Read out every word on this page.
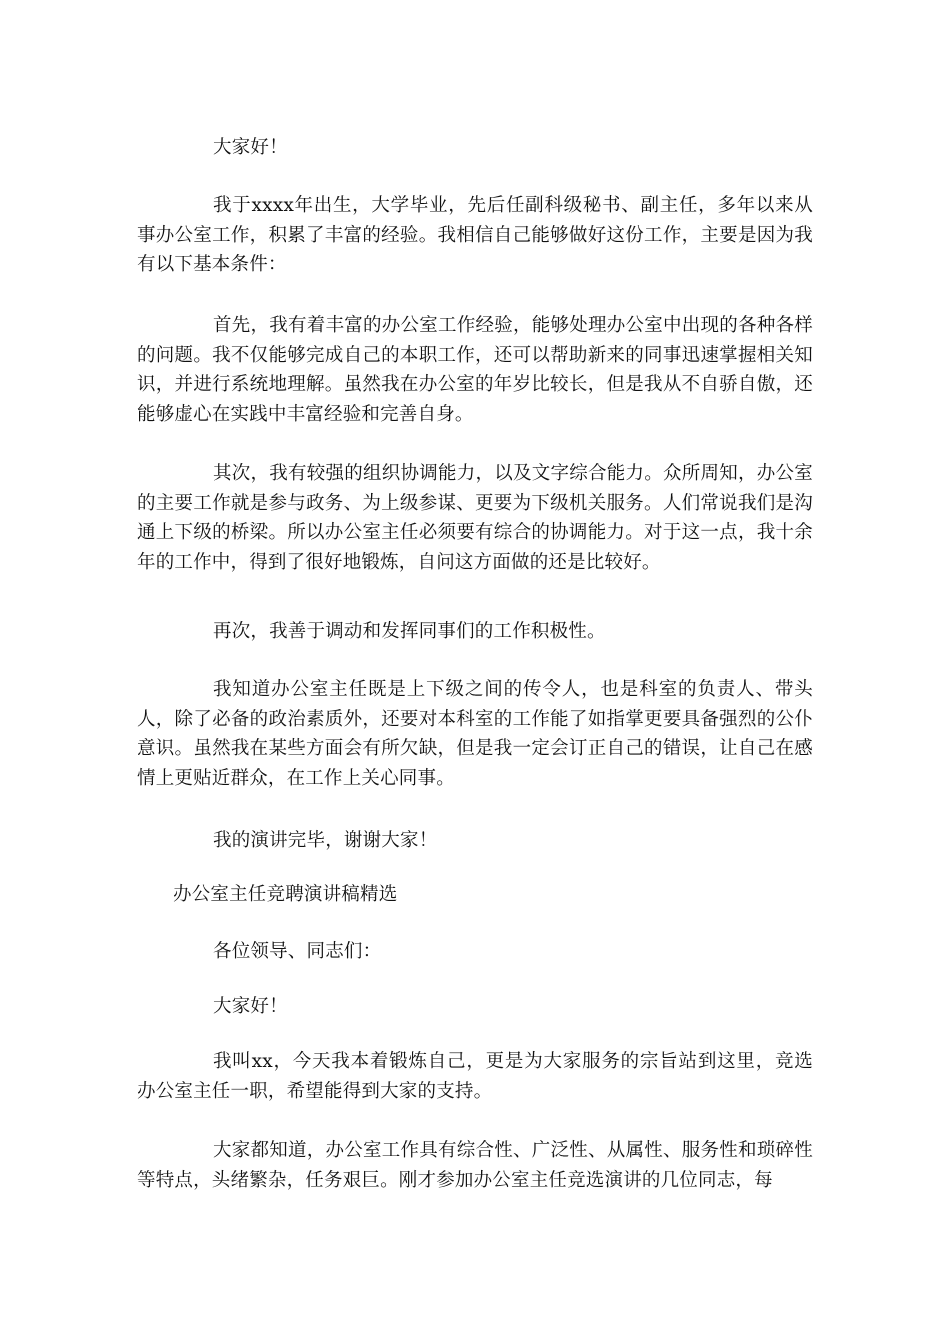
大家好！

我于xxxx年出生，大学毕业，先后任副科级秘书、副主任，多年以来从事办公室工作，积累了丰富的经验。我相信自己能够做好这份工作，主要是因为我有以下基本条件：

首先，我有着丰富的办公室工作经验，能够处理办公室中出现的各种各样的问题。我不仅能够完成自己的本职工作，还可以帮助新来的同事迅速掌握相关知识，并进行系统地理解。虽然我在办公室的年岁比较长，但是我从不自骄自傲，还能够虚心在实践中丰富经验和完善自身。

其次，我有较强的组织协调能力，以及文字综合能力。众所周知，办公室的主要工作就是参与政务、为上级参谋、更要为下级机关服务。人们常说我们是沟通上下级的桥梁。所以办公室主任必须要有综合的协调能力。对于这一点，我十余年的工作中，得到了很好地锻炼，自问这方面做的还是比较好。

再次，我善于调动和发挥同事们的工作积极性。

我知道办公室主任既是上下级之间的传令人，也是科室的负责人、带头人，除了必备的政治素质外，还要对本科室的工作能了如指掌更要具备强烈的公仆意识。虽然我在某些方面会有所欠缺，但是我一定会订正自己的错误，让自己在感情上更贴近群众，在工作上关心同事。

我的演讲完毕，谢谢大家！

办公室主任竞聘演讲稿精选

各位领导、同志们：

大家好！

我叫xx，今天我本着锻炼自己，更是为大家服务的宗旨站到这里，竞选办公室主任一职，希望能得到大家的支持。

大家都知道，办公室工作具有综合性、广泛性、从属性、服务性和琐碎性等特点，头绪繁杂，任务艰巨。刚才参加办公室主任竞选演讲的几位同志，每
